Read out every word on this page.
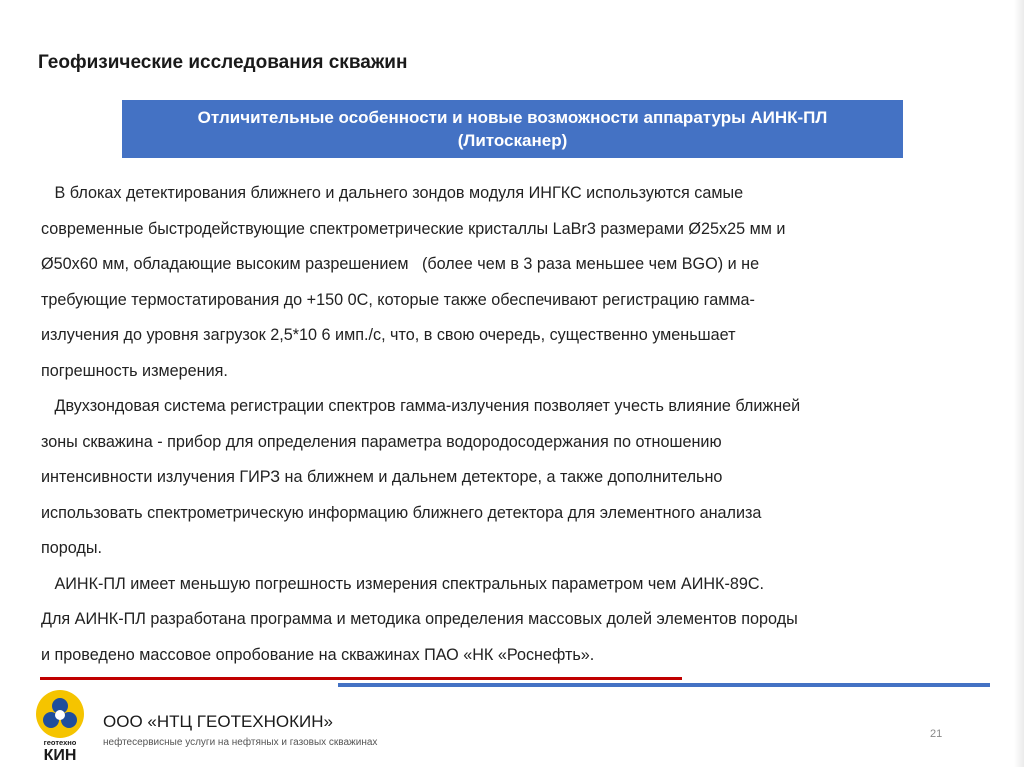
Геофизические исследования скважин
Отличительные особенности и новые возможности аппаратуры АИНК-ПЛ
(Литосканер)
В блоках детектирования ближнего и дальнего зондов модуля ИНГКС используются самые
современные быстродействующие спектрометрические кристаллы LaBr3 размерами Ø25х25 мм и
Ø50х60 мм, обладающие высоким разрешением   (более чем в 3 раза меньшее чем BGO) и не
требующие термостатирования до +150 0С, которые также обеспечивают регистрацию гамма-
излучения до уровня загрузок 2,5*10 6 имп./с, что, в свою очередь, существенно уменьшает
погрешность измерения.
Двухзондовая система регистрации спектров гамма-излучения позволяет учесть влияние ближней
зоны скважина - прибор для определения параметра водородосодержания по отношению
интенсивности излучения ГИРЗ на ближнем и дальнем детекторе, а также дополнительно
использовать спектрометрическую информацию ближнего детектора для элементного анализа
породы.
АИНК-ПЛ имеет меньшую погрешность измерения спектральных параметром чем АИНК-89С.
Для АИНК-ПЛ разработана программа и методика определения массовых долей элементов породы
и проведено массовое опробование на скважинах ПАО «НК «Роснефть».
геотехно
КИН
ООО «НТЦ ГЕОТЕХНОКИН»
нефтесервисные услуги на нефтяных и газовых скважинах
21
